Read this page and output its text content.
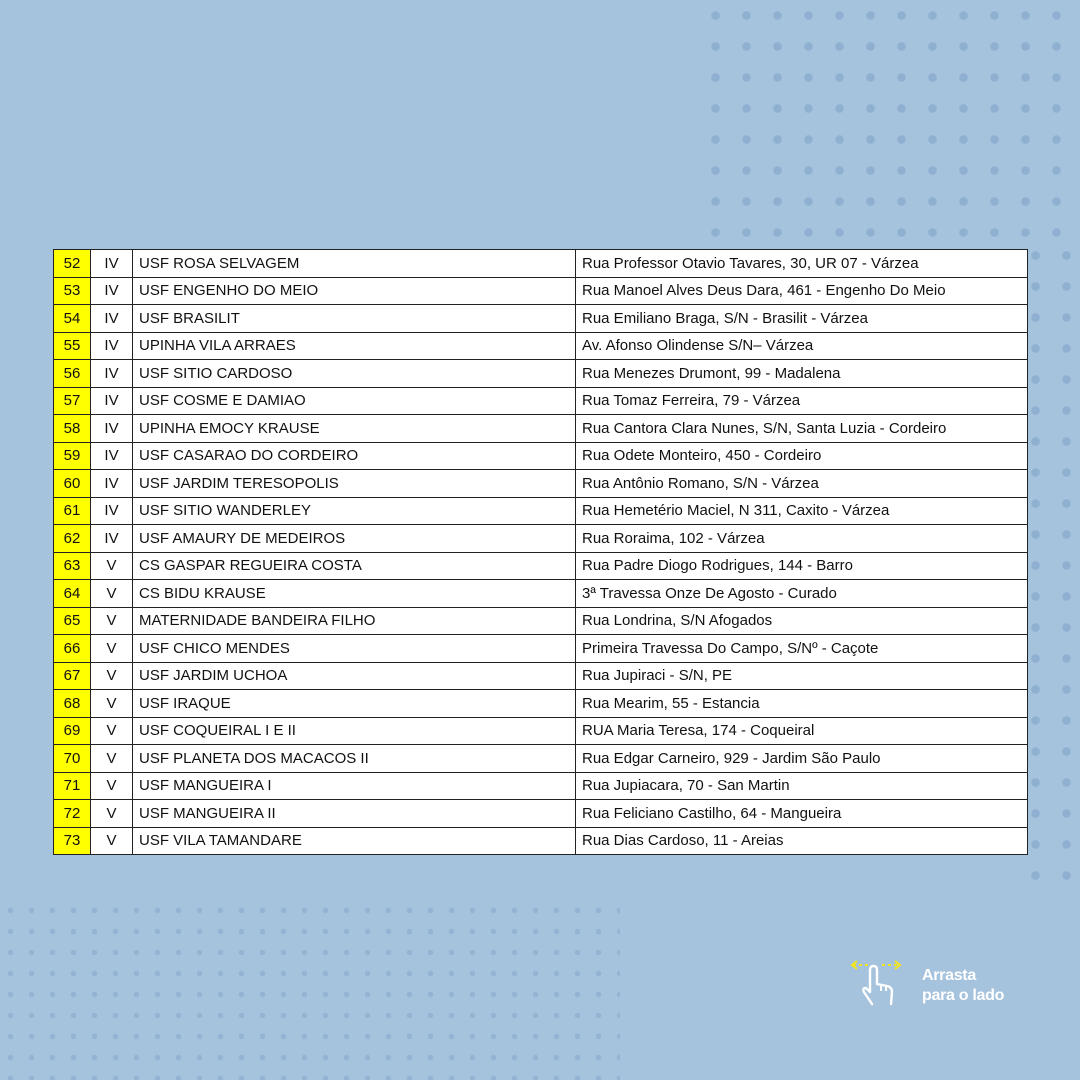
52	IV	USF ROSA SELVAGEM	Rua Professor Otavio Tavares, 30, UR 07 - Várzea
53	IV	USF ENGENHO DO MEIO	Rua Manoel Alves Deus Dara, 461 - Engenho Do Meio
54	IV	USF BRASILIT	Rua Emiliano Braga, S/N - Brasilit - Várzea
55	IV	UPINHA VILA ARRAES	Av. Afonso Olindense S/N– Várzea
56	IV	USF SITIO CARDOSO	Rua Menezes Drumont, 99 - Madalena
57	IV	USF COSME E DAMIAO	Rua Tomaz Ferreira, 79 - Várzea
58	IV	UPINHA EMOCY KRAUSE	Rua Cantora Clara Nunes, S/N, Santa Luzia - Cordeiro
59	IV	USF CASARAO DO CORDEIRO	Rua Odete Monteiro, 450 - Cordeiro
60	IV	USF JARDIM TERESOPOLIS	Rua Antônio Romano, S/N - Várzea
61	IV	USF SITIO WANDERLEY	Rua Hemetério Maciel, N 311, Caxito - Várzea
62	IV	USF AMAURY DE MEDEIROS	Rua Roraima, 102 - Várzea
63	V	CS GASPAR REGUEIRA COSTA	Rua Padre Diogo Rodrigues, 144 - Barro
64	V	CS BIDU KRAUSE	3ª Travessa Onze De Agosto - Curado
65	V	MATERNIDADE BANDEIRA FILHO	Rua Londrina, S/N Afogados
66	V	USF CHICO MENDES	Primeira Travessa Do Campo, S/Nº - Caçote
67	V	USF JARDIM UCHOA	Rua Jupiraci - S/N, PE
68	V	USF IRAQUE	Rua Mearim, 55 - Estancia
69	V	USF COQUEIRAL I E II	RUA Maria Teresa, 174 - Coqueiral
70	V	USF PLANETA DOS MACACOS II	Rua Edgar Carneiro, 929 - Jardim São Paulo
71	V	USF MANGUEIRA I	Rua Jupiacara, 70 - San Martin
72	V	USF MANGUEIRA II	Rua Feliciano Castilho, 64 - Mangueira
73	V	USF VILA TAMANDARE	Rua Dias Cardoso, 11 - Areias
Arrasta
para o lado
